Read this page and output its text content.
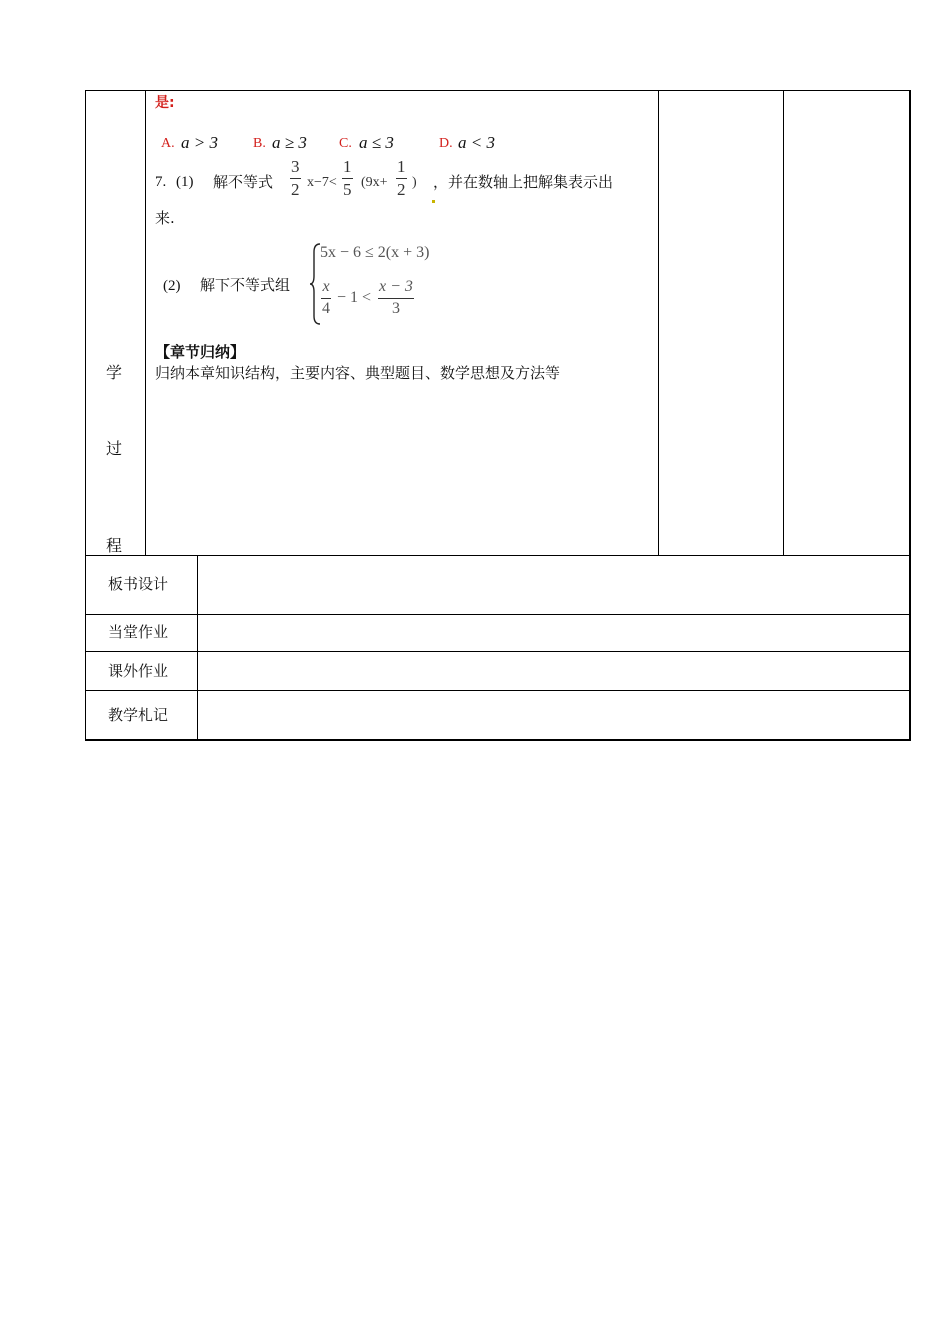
学
过
程
是:
A. a > 3	B. a ≥ 3 C. a ≤ 3	D. a < 3
7. (1) 解不等式
3
2 x−7<
1
5 (9x+
1
2 ) ，并在数轴上把解集表示出
来.
(2) 解下不等式组
5x − 6 ≤ 2(x + 3)
x
4
− 1 <
x − 3
3
【章节归纳】
归纳本章知识结构，主要内容、典型题目、数学思想及方法等
板书设计
当堂作业
课外作业
教学札记
